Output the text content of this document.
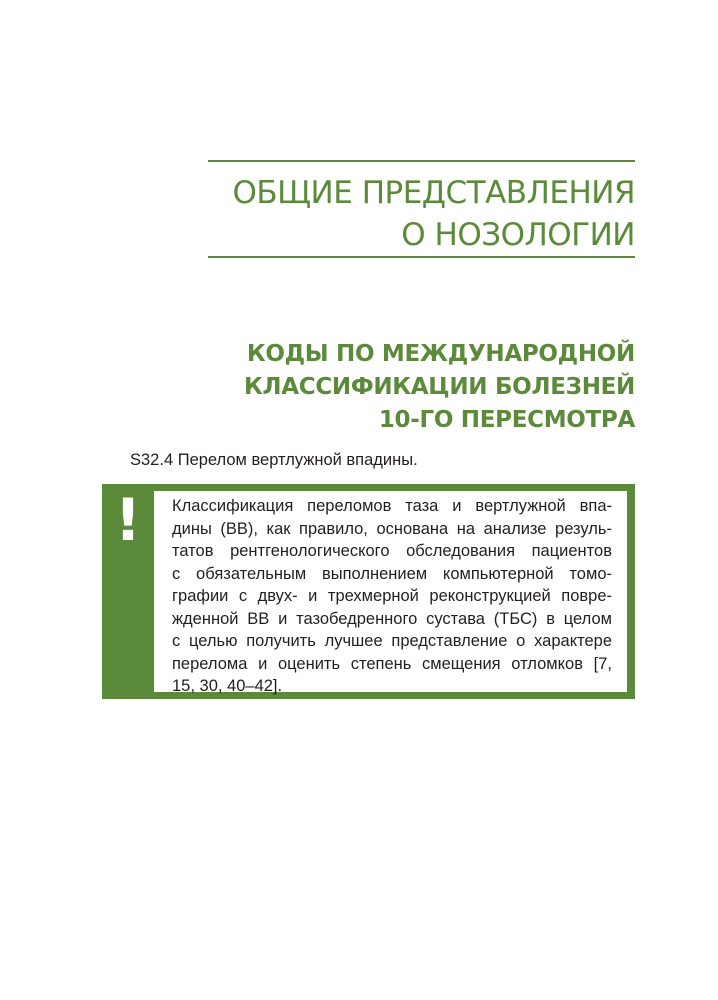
ОБЩИЕ ПРЕДСТАВЛЕНИЯ
О НОЗОЛОГИИ
КОДЫ ПО МЕЖДУНАРОДНОЙ
КЛАССИФИКАЦИИ БОЛЕЗНЕЙ
10-ГО ПЕРЕСМОТРА

S32.4 Перелом вертлужной впадины.

!	Классификация переломов таза и вертлужной впа-
дины (ВВ), как правило, основана на анализе резуль-
татов рентгенологического обследования пациентов
с обязательным выполнением компьютерной томо-
графии с двух- и трехмерной реконструкцией повре-
жденной ВВ и тазобедренного сустава (ТБС) в целом
с целью получить лучшее представление о характере
перелома и оценить степень смещения отломков [7,
15, 30, 40–42].
